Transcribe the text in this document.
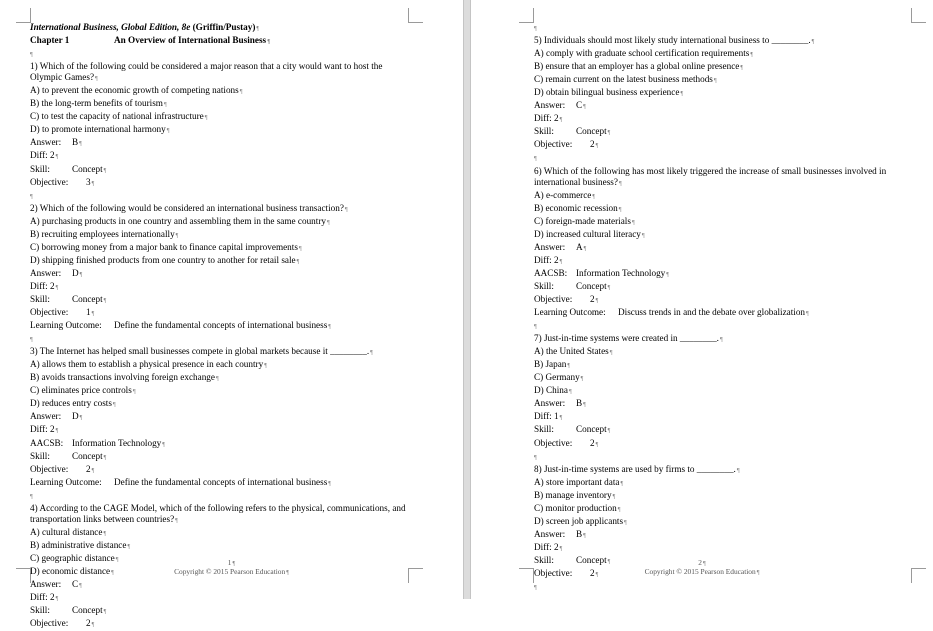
International Business, Global Edition, 8e (Griffin/Pustay)¶
Chapter 1	An Overview of International Business¶
¶
1) Which of the following could be considered a major reason that a city would want to host the Olympic Games?¶
A) to prevent the economic growth of competing nations¶
B) the long-term benefits of tourism¶
C) to test the capacity of national infrastructure¶
D) to promote international harmony¶
Answer: B¶
Diff: 2¶
Skill: Concept¶
Objective: 3¶
¶
2) Which of the following would be considered an international business transaction?¶
A) purchasing products in one country and assembling them in the same country¶
B) recruiting employees internationally¶
C) borrowing money from a major bank to finance capital improvements¶
D) shipping finished products from one country to another for retail sale¶
Answer: D¶
Diff: 2¶
Skill: Concept¶
Objective: 1¶
Learning Outcome: Define the fundamental concepts of international business¶
¶
3) The Internet has helped small businesses compete in global markets because it ________.¶
A) allows them to establish a physical presence in each country¶
B) avoids transactions involving foreign exchange¶
C) eliminates price controls¶
D) reduces entry costs¶
Answer: D¶
Diff: 2¶
AACSB: Information Technology¶
Skill: Concept¶
Objective: 2¶
Learning Outcome: Define the fundamental concepts of international business¶
¶
4) According to the CAGE Model, which of the following refers to the physical, communications, and transportation links between countries?¶
A) cultural distance¶
B) administrative distance¶
C) geographic distance¶
D) economic distance¶
Answer: C¶
Diff: 2¶
Skill: Concept¶
Objective: 2¶
1¶
Copyright © 2015 Pearson Education¶
¶
5) Individuals should most likely study international business to ________.¶
A) comply with graduate school certification requirements¶
B) ensure that an employer has a global online presence¶
C) remain current on the latest business methods¶
D) obtain bilingual business experience¶
Answer: C¶
Diff: 2¶
Skill: Concept¶
Objective: 2¶
¶
6) Which of the following has most likely triggered the increase of small businesses involved in international business?¶
A) e-commerce¶
B) economic recession¶
C) foreign-made materials¶
D) increased cultural literacy¶
Answer: A¶
Diff: 2¶
AACSB: Information Technology¶
Skill: Concept¶
Objective: 2¶
Learning Outcome: Discuss trends in and the debate over globalization¶
¶
7) Just-in-time systems were created in ________.¶
A) the United States¶
B) Japan¶
C) Germany¶
D) China¶
Answer: B¶
Diff: 1¶
Skill: Concept¶
Objective: 2¶
¶
8) Just-in-time systems are used by firms to ________.¶
A) store important data¶
B) manage inventory¶
C) monitor production¶
D) screen job applicants¶
Answer: B¶
Diff: 2¶
Skill: Concept¶
Objective: 2¶
¶
2¶
Copyright © 2015 Pearson Education¶
